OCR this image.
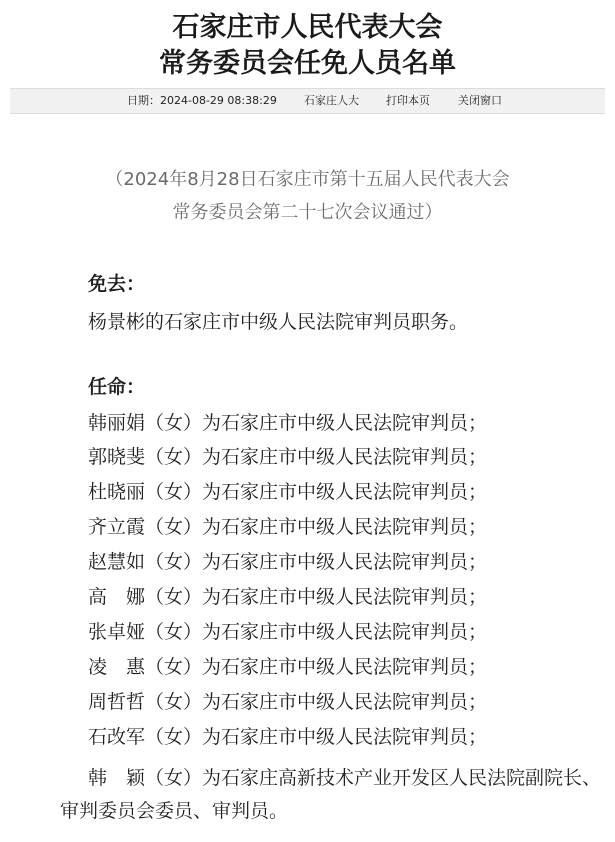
石家庄市人民代表大会
常务委员会任免人员名单
日期：2024-08-29 08:38:29 石家庄人大 打印本页	关闭窗口
（2024年8月28日石家庄市第十五届人民代表大会
常务委员会第二十七次会议通过）
免去：
杨景彬的石家庄市中级人民法院审判员职务。
任命：
韩丽娟（女）为石家庄市中级人民法院审判员；
郭晓斐（女）为石家庄市中级人民法院审判员；
杜晓丽（女）为石家庄市中级人民法院审判员；
齐立霞（女）为石家庄市中级人民法院审判员；
赵慧如（女）为石家庄市中级人民法院审判员；
高　娜（女）为石家庄市中级人民法院审判员；
张卓娅（女）为石家庄市中级人民法院审判员；
凌　惠（女）为石家庄市中级人民法院审判员；
周哲哲（女）为石家庄市中级人民法院审判员；
石改军（女）为石家庄市中级人民法院审判员；
韩　颖（女）为石家庄高新技术产业开发区人民法院副院长、审判委员会委员、审判员。
